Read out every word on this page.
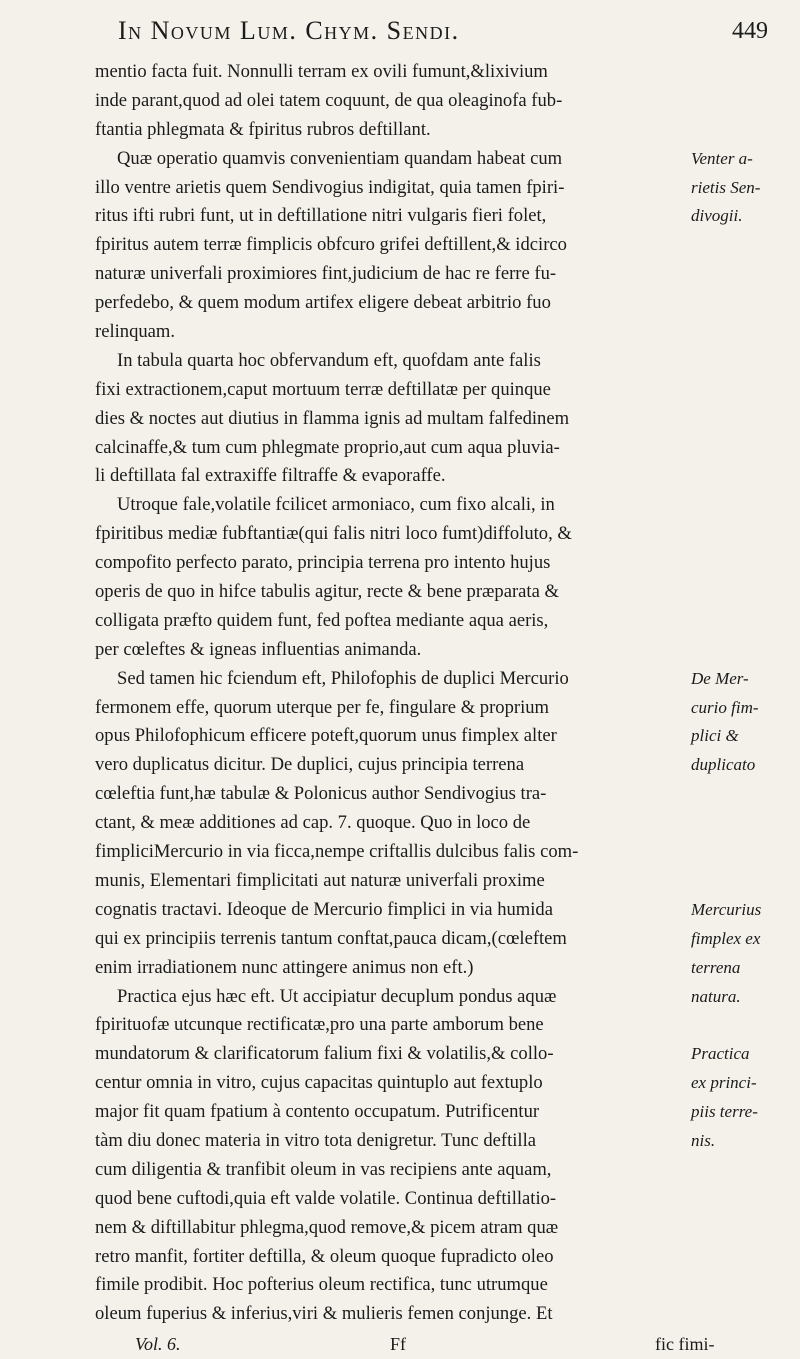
In Novum Lum. Chym. Sendi.	449
mentio facta fuit. Nonnulli terram ex ovili fumunt,&lixivium
inde parant,quod ad olei tatem coquunt, de qua oleaginofa fub-
ftantia phlegmata & fpiritus rubros deftillant.
Quæ operatio quamvis convenientiam quandam habeat cum	Venter a-
illo ventre arietis quem Sendivogius indigitat, quia tamen fpiri-	rietis Sen-
ritus ifti rubri funt, ut in deftillatione nitri vulgaris fieri folet,	divogii.
fpiritus autem terræ fimplicis obfcuro grifei deftillent,& idcirco
naturæ univerfali proximiores fint,judicium de hac re ferre fu-
perfedebo, & quem modum artifex eligere debeat arbitrio fuo
relinquam.
In tabula quarta hoc obfervandum eft, quofdam ante falis
fixi extractionem,caput mortuum terræ deftillatæ per quinque
dies & noctes aut diutius in flamma ignis ad multam falfedinem
calcinaffe,& tum cum phlegmate proprio,aut cum aqua pluvia-
li deftillata fal extraxiffe filtraffe & evaporaffe.
Utroque fale,volatile fcilicet armoniaco, cum fixo alcali, in
fpiritibus mediæ fubftantiæ(qui falis nitri loco fumt)diffoluto, &
compofito perfecto parato, principia terrena pro intento hujus
operis de quo in hifce tabulis agitur, recte & bene præparata &
colligata præfto quidem funt, fed poftea mediante aqua aeris,
per cœleftes & igneas influentias animanda.
Sed tamen hic fciendum eft, Philofophis de duplici Mercurio	De Mer-
fermonem effe, quorum uterque per fe, fingulare & proprium	curio fim-
opus Philofophicum efficere poteft,quorum unus fimplex alter	plici &
vero duplicatus dicitur. De duplici, cujus principia terrena	duplicato
cœleftia funt,hæ tabulæ & Polonicus author Sendivogius tra-
ctant, & meæ additiones ad cap. 7. quoque. Quo in loco de
fimpliciMercurio in via ficca,nempe criftallis dulcibus falis com-
munis, Elementari fimplicitati aut naturæ univerfali proxime
cognatis tractavi. Ideoque de Mercurio fimplici in via humida	Mercurius
qui ex principiis terrenis tantum conftat,pauca dicam,(cœleftem	fimplex ex
enim irradiationem nunc attingere animus non eft.)	terrena
Practica ejus hæc eft. Ut accipiatur decuplum pondus aquæ	natura.
fpirituofæ utcunque rectificatæ,pro una parte amborum bene
mundatorum & clarificatorum falium fixi & volatilis,& collo-	Practica
centur omnia in vitro, cujus capacitas quintuplo aut fextuplo	ex princi-
major fit quam fpatium à contento occupatum. Putrificentur	piis terre-
tàm diu donec materia in vitro tota denigretur. Tunc deftilla	nis.
cum diligentia & tranfibit oleum in vas recipiens ante aquam,
quod bene cuftodi,quia eft valde volatile. Continua deftillatio-
nem & diftillabitur phlegma,quod remove,& picem atram quæ
retro manfit, fortiter deftilla, & oleum quoque fupradicto oleo
fimile prodibit. Hoc pofterius oleum rectifica, tunc utrumque
oleum fuperius & inferius,viri & mulieris femen conjunge. Et
Vol. 6.	Ff	fic fimi-
